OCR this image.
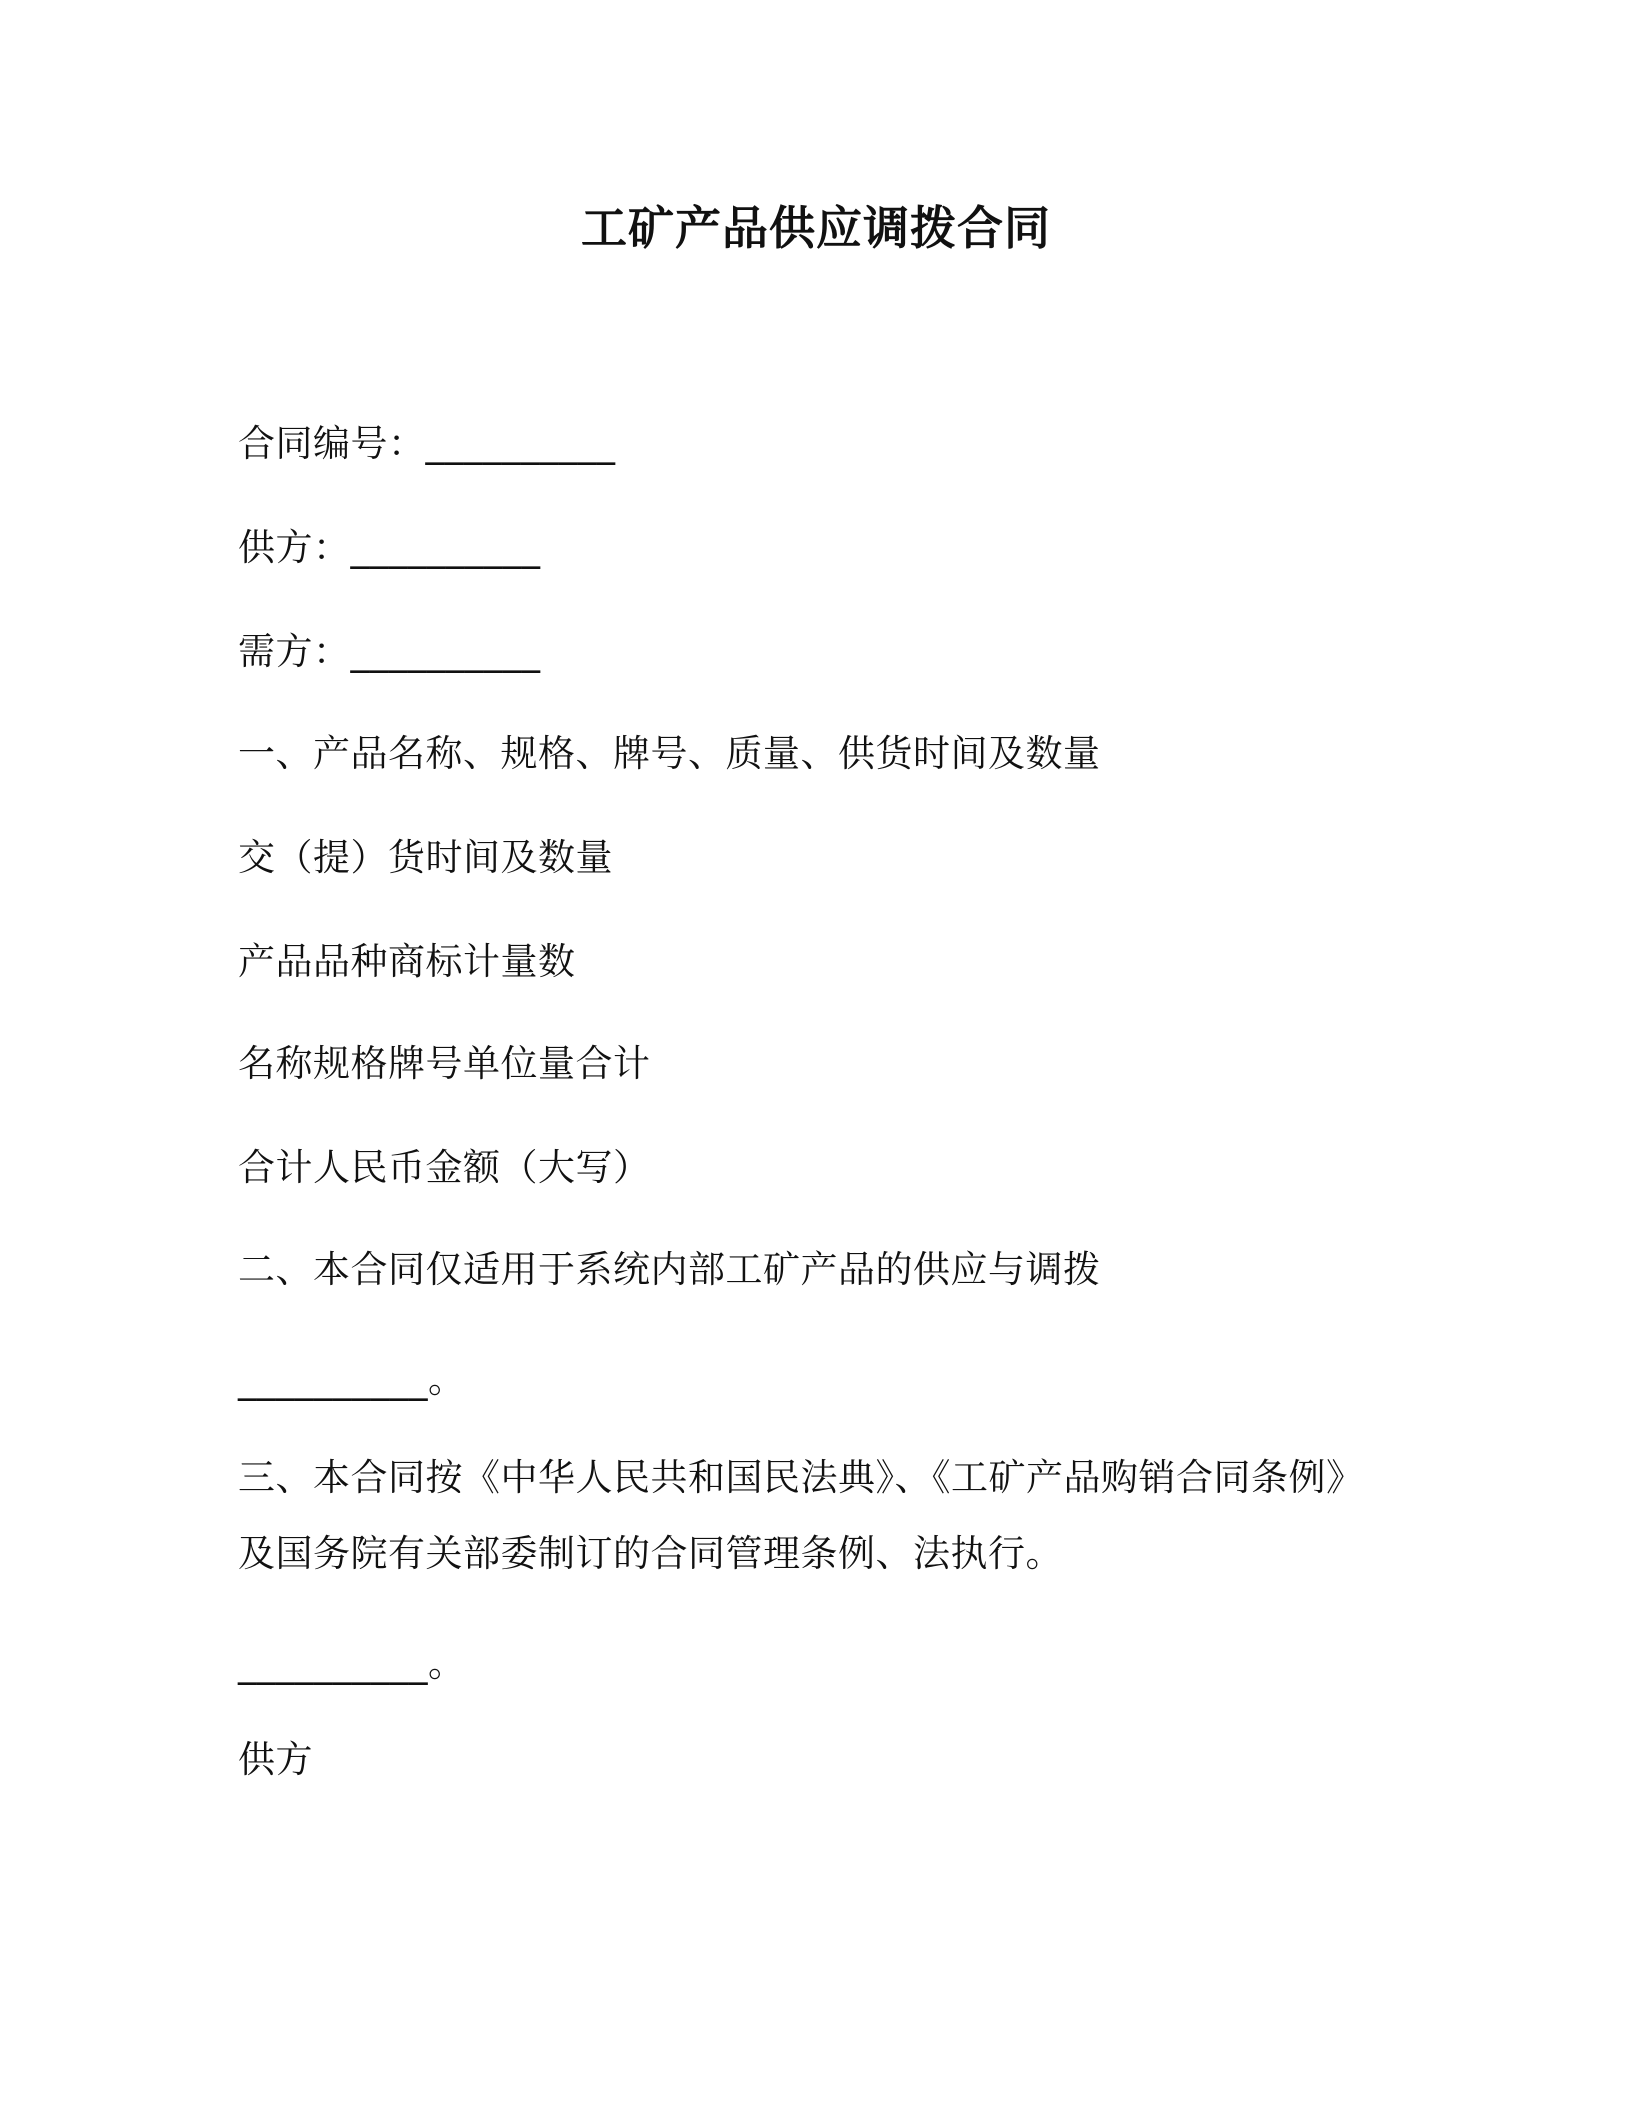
工矿产品供应调拨合同
合同编号：__________
供方：__________
需方：__________
一、产品名称、规格、牌号、质量、供货时间及数量
交（提）货时间及数量
产品品种商标计量数
名称规格牌号单位量合计
合计人民币金额（大写）
二、本合同仅适用于系统内部工矿产品的供应与调拨
__________。
三、本合同按《中华人民共和国民法典》、《工矿产品购销合同条例》
及国务院有关部委制订的合同管理条例、法执行。
__________。
供方
